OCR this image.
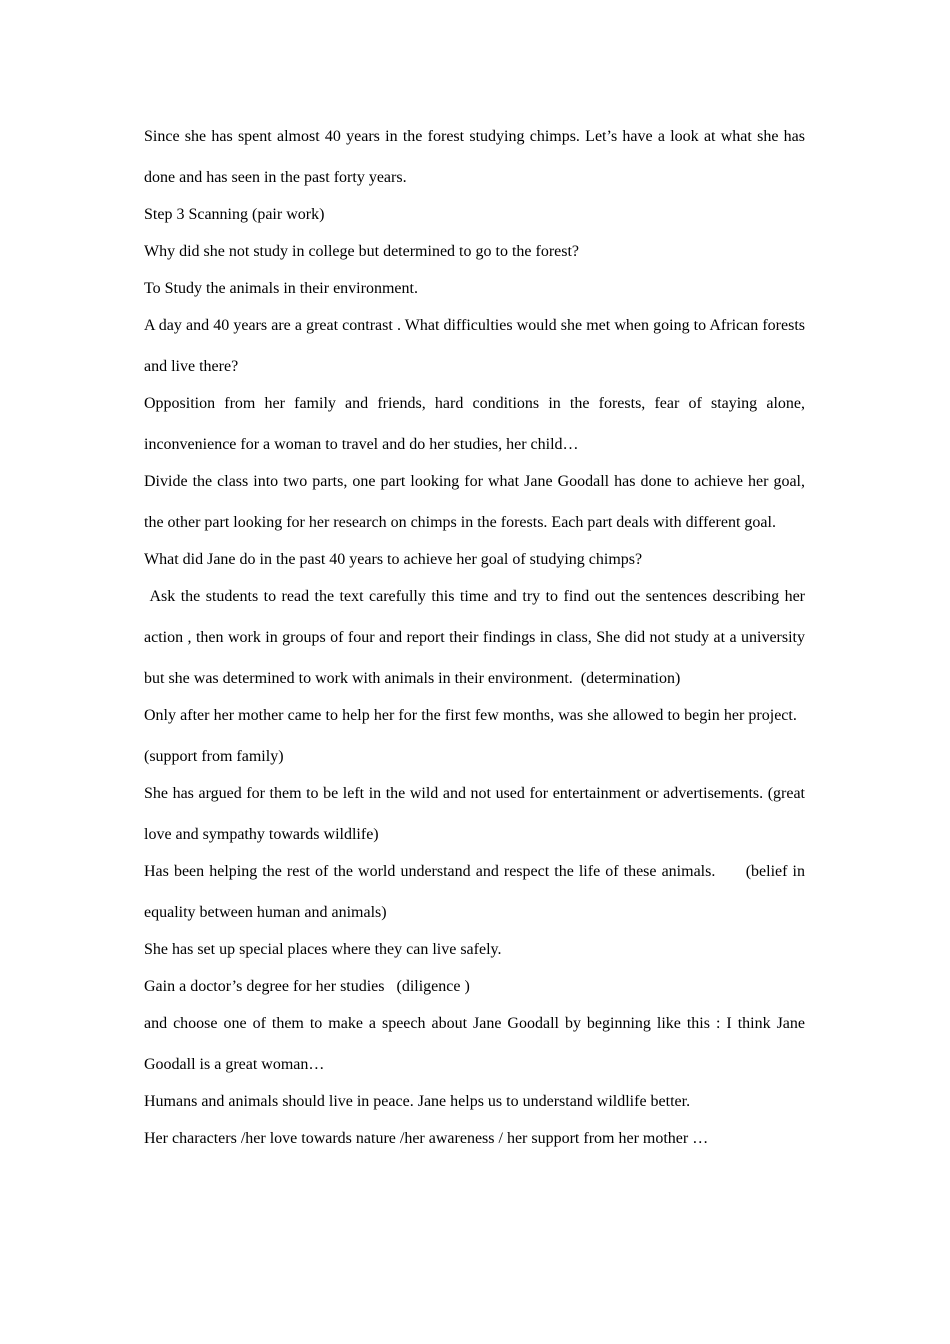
Since she has spent almost 40 years in the forest studying chimps. Let’s have a look at what she has done and has seen in the past forty years.

Step 3 Scanning (pair work)

Why did she not study in college but determined to go to the forest?

To Study the animals in their environment.

A day and 40 years are a great contrast . What difficulties would she met when going to African forests and live there?

Opposition from her family and friends, hard conditions in the forests, fear of staying alone, inconvenience for a woman to travel and do her studies, her child…

Divide the class into two parts, one part looking for what Jane Goodall has done to achieve her goal, the other part looking for her research on chimps in the forests. Each part deals with different goal.

What did Jane do in the past 40 years to achieve her goal of studying chimps?

Ask the students to read the text carefully this time and try to find out the sentences describing her action , then work in groups of four and report their findings in class, She did not study at a university but she was determined to work with animals in their environment.  (determination)

Only after her mother came to help her for the first few months, was she allowed to begin her project.   (support from family)

She has argued for them to be left in the wild and not used for entertainment or advertisements. (great love and sympathy towards wildlife)

Has been helping the rest of the world understand and respect the life of these animals.      (belief in equality between human and animals)

She has set up special places where they can live safely.

Gain a doctor’s degree for her studies   (diligence )

and choose one of them to make a speech about Jane Goodall by beginning like this : I think Jane Goodall is a great woman…

Humans and animals should live in peace. Jane helps us to understand wildlife better.

Her characters /her love towards nature /her awareness / her support from her mother …
